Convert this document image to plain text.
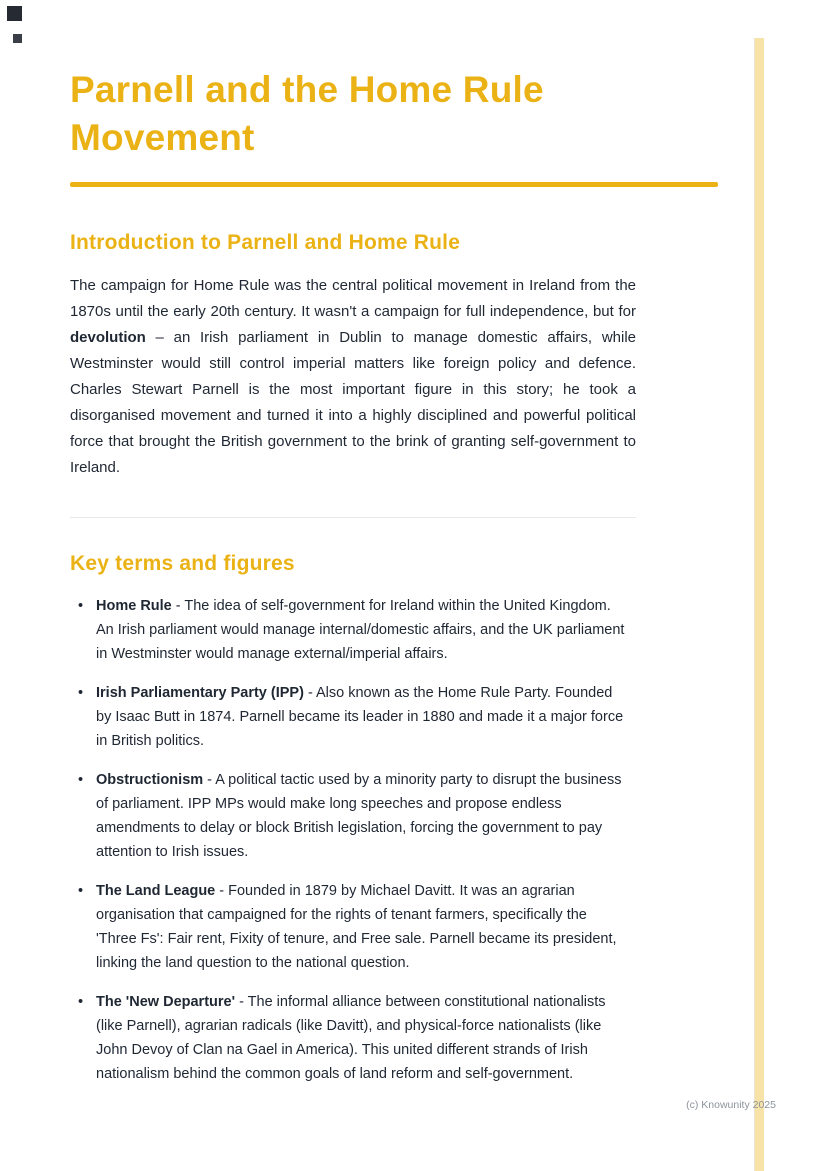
Parnell and the Home Rule Movement
Introduction to Parnell and Home Rule

The campaign for Home Rule was the central political movement in Ireland from the 1870s until the early 20th century. It wasn't a campaign for full independence, but for devolution – an Irish parliament in Dublin to manage domestic affairs, while Westminster would still control imperial matters like foreign policy and defence. Charles Stewart Parnell is the most important figure in this story; he took a disorganised movement and turned it into a highly disciplined and powerful political force that brought the British government to the brink of granting self-government to Ireland.

Key terms and figures
• Home Rule - The idea of self-government for Ireland within the United Kingdom. An Irish parliament would manage internal/domestic affairs, and the UK parliament in Westminster would manage external/imperial affairs.
• Irish Parliamentary Party (IPP) - Also known as the Home Rule Party. Founded by Isaac Butt in 1874. Parnell became its leader in 1880 and made it a major force in British politics.
• Obstructionism - A political tactic used by a minority party to disrupt the business of parliament. IPP MPs would make long speeches and propose endless amendments to delay or block British legislation, forcing the government to pay attention to Irish issues.
• The Land League - Founded in 1879 by Michael Davitt. It was an agrarian organisation that campaigned for the rights of tenant farmers, specifically the 'Three Fs': Fair rent, Fixity of tenure, and Free sale. Parnell became its president, linking the land question to the national question.
• The 'New Departure' - The informal alliance between constitutional nationalists (like Parnell), agrarian radicals (like Davitt), and physical-force nationalists (like John Devoy of Clan na Gael in America). This united different strands of Irish nationalism behind the common goals of land reform and self-government.
(c) Knowunity 2025
